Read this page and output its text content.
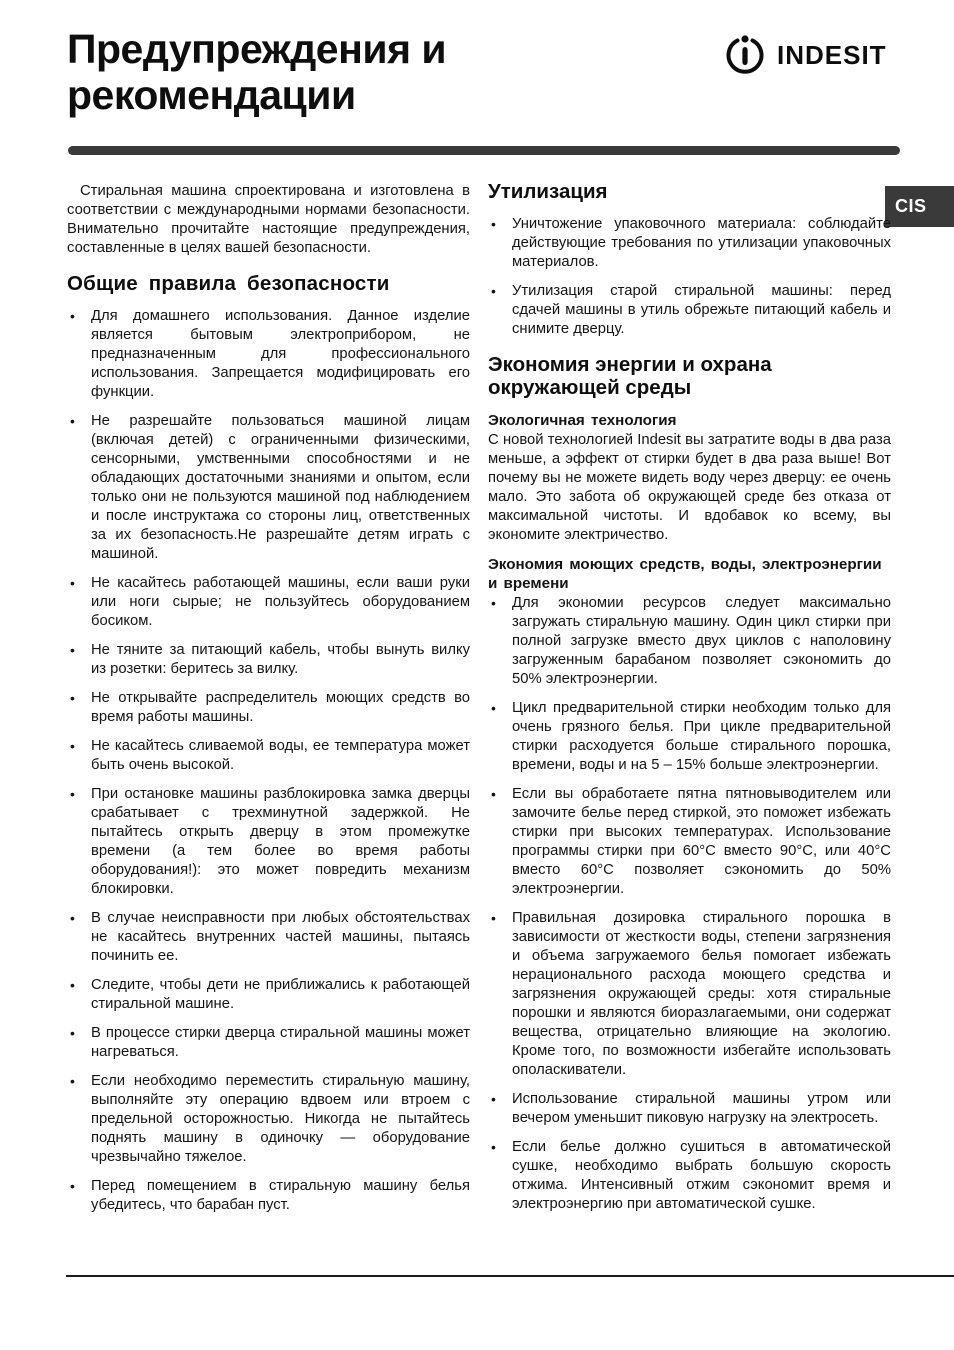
Предупреждения и
рекомендации
INDESIT
CIS

Стиральная машина спроектирована и изготовлена в соответствии с международными нормами безопасности. Внимательно прочитайте настоящие предупреждения, составленные в целях вашей безопасности.

Общие правила безопасности
•	Для домашнего использования. Данное изделие является бытовым электроприбором, не предназначенным для профессионального использования. Запрещается модифицировать его функции.
•	Не разрешайте пользоваться машиной лицам (включая детей) с ограниченными физическими, сенсорными, умственными способностями и не обладающих достаточными знаниями и опытом, если только они не пользуются машиной под наблюдением и после инструктажа со стороны лиц, ответственных за их безопасность.Не разрешайте детям играть с машиной.
•	Не касайтесь работающей машины, если ваши руки или ноги сырые; не пользуйтесь оборудованием босиком.
•	Не тяните за питающий кабель, чтобы вынуть вилку из розетки: беритесь за вилку.
•	Не открывайте распределитель моющих средств во время работы машины.
•	Не касайтесь сливаемой воды, ее температура может быть очень высокой.
•	При остановке машины разблокировка замка дверцы срабатывает с трехминутной задержкой. Не пытайтесь открыть дверцу в этом промежутке времени (а тем более во время работы оборудования!): это может повредить механизм блокировки.
•	В случае неисправности при любых обстоятельствах не касайтесь внутренних частей машины, пытаясь починить ее.
•	Следите, чтобы дети не приближались к работающей стиральной машине.
•	В процессе стирки дверца стиральной машины может нагреваться.
•	Если необходимо переместить стиральную машину, выполняйте эту операцию вдвоем или втроем с предельной осторожностью. Никогда не пытайтесь поднять машину в одиночку — оборудование чрезвычайно тяжелое.
•	Перед помещением в стиральную машину белья убедитесь, что барабан пуст.
Утилизация
•	Уничтожение упаковочного материала: соблюдайте действующие требования по утилизации упаковочных материалов.
•	Утилизация старой стиральной машины: перед сдачей машины в утиль обрежьте питающий кабель и снимите дверцу.
Экономия энергии и охрана окружающей среды
Экологичная технология

С новой технологией Indesit вы затратите воды в два раза меньше, а эффект от стирки будет в два раза выше! Вот почему вы не можете видеть воду через дверцу: ее очень мало. Это забота об окружающей среде без отказа от максимальной чистоты. И вдобавок ко всему, вы экономите электричество.

Экономия моющих средств, воды, электроэнергии и времени
•	Для экономии ресурсов следует максимально загружать стиральную машину. Один цикл стирки при полной загрузке вместо двух циклов с наполовину загруженным барабаном позволяет сэкономить до 50% электроэнергии.
•	Цикл предварительной стирки необходим только для очень грязного белья. При цикле предварительной стирки расходуется больше стирального порошка, времени, воды и на 5 – 15% больше электроэнергии.
•	Если вы обработаете пятна пятновыводителем или замочите белье перед стиркой, это поможет избежать стирки при высоких температурах. Использование программы стирки при 60°C вместо 90°C, или 40°C вместо 60°C позволяет сэкономить до 50% электроэнергии.
•	Правильная дозировка стирального порошка в зависимости от жесткости воды, степени загрязнения и объема загружаемого белья помогает избежать нерационального расхода моющего средства и загрязнения окружающей среды: хотя стиральные порошки и являются биоразлагаемыми, они содержат вещества, отрицательно влияющие на экологию. Кроме того, по возможности избегайте использовать ополаскиватели.
•	Использование стиральной машины утром или вечером уменьшит пиковую нагрузку на электросеть.
•	Если белье должно сушиться в автоматической сушке, необходимо выбрать большую скорость отжима. Интенсивный отжим сэкономит время и электроэнергию при автоматической сушке.
